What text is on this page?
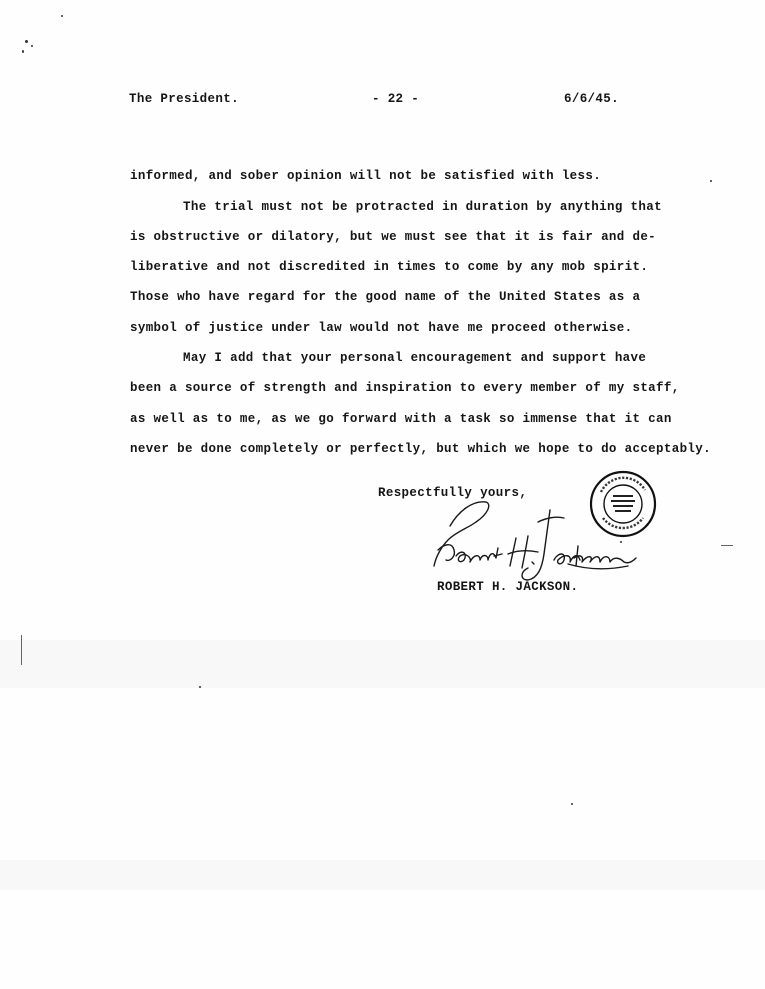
The President.	- 22 -	6/6/45.
informed, and sober opinion will not be satisfied with less.
The trial must not be protracted in duration by anything that
is obstructive or dilatory, but we must see that it is fair and de-
liberative and not discredited in times to come by any mob spirit.
Those who have regard for the good name of the United States as a
symbol of justice under law would not have me proceed otherwise.
May I add that your personal encouragement and support have
been a source of strength and inspiration to every member of my staff,
as well as to me, as we go forward with a task so immense that it can
never be done completely or perfectly, but which we hope to do acceptably.
Respectfully yours,
ROBERT H. JACKSON.
